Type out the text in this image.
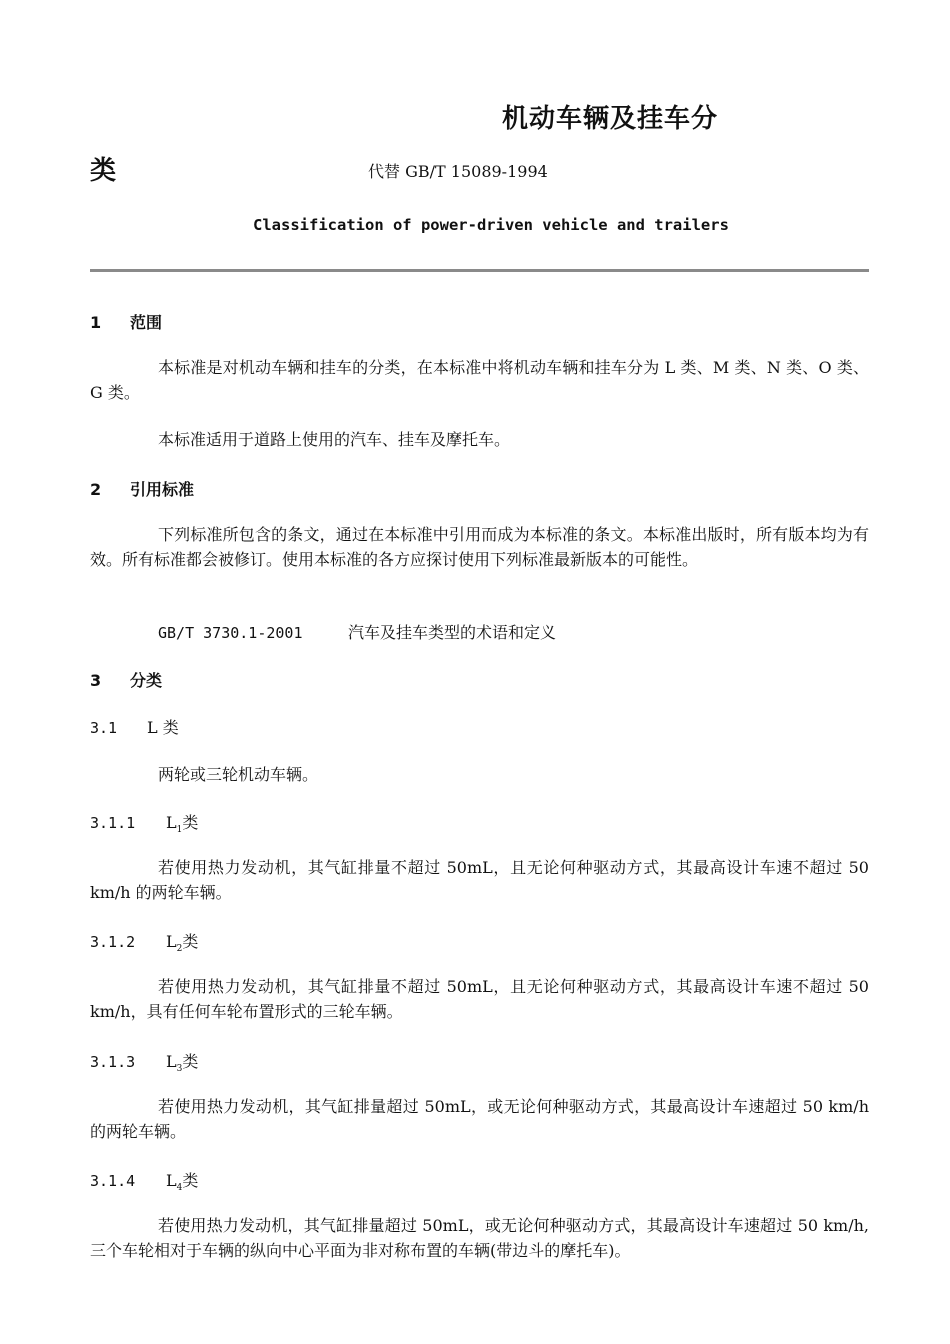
机动车辆及挂车分
类	代替 GB/T 15089-1994
Classification of power-driven vehicle and trailers
1 范围
本标准是对机动车辆和挂车的分类，在本标准中将机动车辆和挂车分为 L 类、M 类、N 类、O 类、G 类。
本标准适用于道路上使用的汽车、挂车及摩托车。
2 引用标准
下列标准所包含的条文，通过在本标准中引用而成为本标准的条文。本标准出版时，所有版本均为有效。所有标准都会被修订。使用本标准的各方应探讨使用下列标准最新版本的可能性。
GB/T 3730.1-2001	汽车及挂车类型的术语和定义
3 分类
3.1 L 类
两轮或三轮机动车辆。
3.1.1 $L_1$类
若使用热力发动机，其气缸排量不超过 50mL，且无论何种驱动方式，其最高设计车速不超过 50 km/h 的两轮车辆。
3.1.2 $L_2$类
若使用热力发动机，其气缸排量不超过 50mL，且无论何种驱动方式，其最高设计车速不超过 50 km/h，具有任何车轮布置形式的三轮车辆。
3.1.3 $L_3$类
若使用热力发动机，其气缸排量超过 50mL，或无论何种驱动方式，其最高设计车速超过 50 km/h 的两轮车辆。
3.1.4 $L_4$类
若使用热力发动机，其气缸排量超过 50mL，或无论何种驱动方式，其最高设计车速超过 50 km/h,三个车轮相对于车辆的纵向中心平面为非对称布置的车辆(带边斗的摩托车)。
